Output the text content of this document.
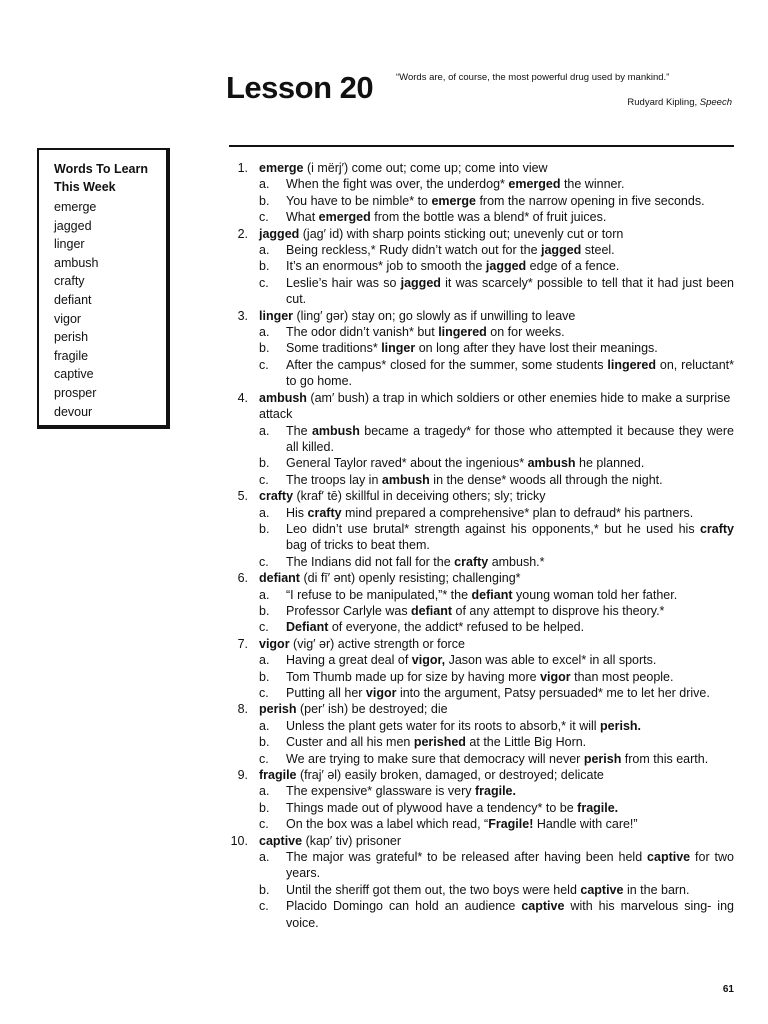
Lesson 20 “Words are, of course, the most powerful drug used by mankind.”

Rudyard Kipling, Speech

Words To Learn
This Week

emerge
jagged
linger
ambush
crafty
defiant
vigor
perish
fragile
captive
prosper
devour
1. emerge (i mërj′) come out; come up; come into view

a. When the fight was over, the underdog* emerged the winner.
b. You have to be nimble* to emerge from the narrow opening in five seconds.
c. What emerged from the bottle was a blend* of fruit juices.
2. jagged (jag′ id) with sharp points sticking out; unevenly cut or torn

a. Being reckless,* Rudy didn’t watch out for the jagged steel.
b. It’s an enormous* job to smooth the jagged edge of a fence.
c. Leslie’s hair was so jagged it was scarcely* possible to tell that it had just been cut.
3. linger (ling′ gər) stay on; go slowly as if unwilling to leave

a. The odor didn’t vanish* but lingered on for weeks.
b. Some traditions* linger on long after they have lost their meanings.
c. After the campus* closed for the summer, some students lingered on, reluctant* to go home.
4. ambush (am′ bush) a trap in which soldiers or other enemies hide to make a surprise attack

a. The ambush became a tragedy* for those who attempted it because they were all killed.
b. General Taylor raved* about the ingenious* ambush he planned.
c. The troops lay in ambush in the dense* woods all through the night.
5. crafty (kraf′ tē) skillful in deceiving others; sly; tricky

a. His crafty mind prepared a comprehensive* plan to defraud* his partners.
b. Leo didn’t use brutal* strength against his opponents,* but he used his crafty bag of tricks to beat them.
c. The Indians did not fall for the crafty ambush.*
6. defiant (di fī′ ənt) openly resisting; challenging*

a. “I refuse to be manipulated,”* the defiant young woman told her father.
b. Professor Carlyle was defiant of any attempt to disprove his theory.*
c. Defiant of everyone, the addict* refused to be helped.
7. vigor (vig′ ər) active strength or force

a. Having a great deal of vigor, Jason was able to excel* in all sports.
b. Tom Thumb made up for size by having more vigor than most people.
c. Putting all her vigor into the argument, Patsy persuaded* me to let her drive.
8. perish (per′ ish) be destroyed; die

a. Unless the plant gets water for its roots to absorb,* it will perish.
b. Custer and all his men perished at the Little Big Horn.
c. We are trying to make sure that democracy will never perish from this earth.
9. fragile (fraj′ əl) easily broken, damaged, or destroyed; delicate

a. The expensive* glassware is very fragile.
b. Things made out of plywood have a tendency* to be fragile.
c. On the box was a label which read, “Fragile! Handle with care!”
10. captive (kap′ tiv) prisoner

a. The major was grateful* to be released after having been held captive for two years.
b. Until the sheriff got them out, the two boys were held captive in the barn.
c. Placido Domingo can hold an audience captive with his marvelous sing- ing voice.

61
